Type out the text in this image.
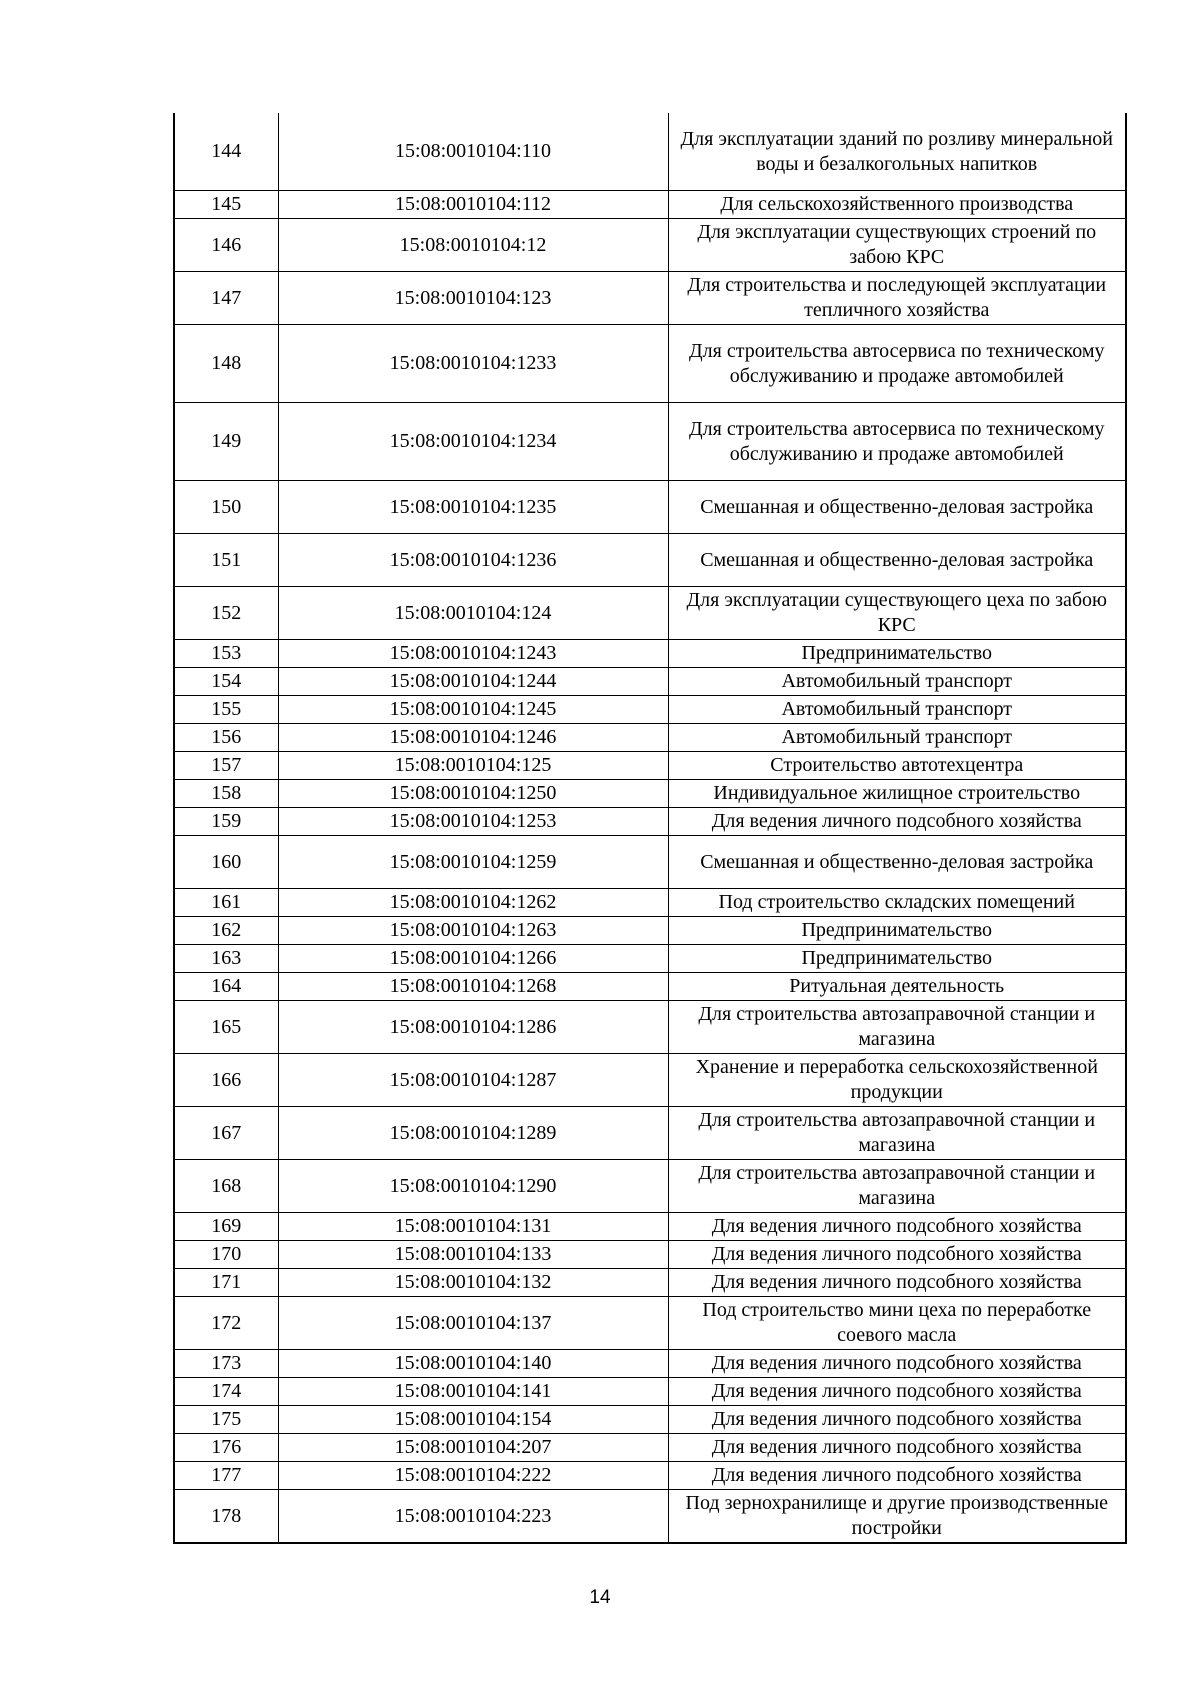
144	15:08:0010104:110	Для эксплуатации зданий по розливу минеральной воды и безалкогольных напитков
145	15:08:0010104:112	Для сельскохозяйственного производства
146	15:08:0010104:12	Для эксплуатации существующих строений по забою КРС
147	15:08:0010104:123	Для строительства и последующей эксплуатации тепличного хозяйства
148	15:08:0010104:1233	Для строительства автосервиса по техническому обслуживанию и продаже автомобилей
149	15:08:0010104:1234	Для строительства автосервиса по техническому обслуживанию и продаже автомобилей
150	15:08:0010104:1235	Смешанная и общественно-деловая застройка
151	15:08:0010104:1236	Смешанная и общественно-деловая застройка
152	15:08:0010104:124	Для эксплуатации существующего цеха по забою КРС
153	15:08:0010104:1243	Предпринимательство
154	15:08:0010104:1244	Автомобильный транспорт
155	15:08:0010104:1245	Автомобильный транспорт
156	15:08:0010104:1246	Автомобильный транспорт
157	15:08:0010104:125	Строительство автотехцентра
158	15:08:0010104:1250	Индивидуальное жилищное строительство
159	15:08:0010104:1253	Для ведения личного подсобного хозяйства
160	15:08:0010104:1259	Смешанная и общественно-деловая застройка
161	15:08:0010104:1262	Под строительство складских помещений
162	15:08:0010104:1263	Предпринимательство
163	15:08:0010104:1266	Предпринимательство
164	15:08:0010104:1268	Ритуальная деятельность
165	15:08:0010104:1286	Для строительства автозаправочной станции и магазина
166	15:08:0010104:1287	Хранение и переработка сельскохозяйственной продукции
167	15:08:0010104:1289	Для строительства автозаправочной станции и магазина
168	15:08:0010104:1290	Для строительства автозаправочной станции и магазина
169	15:08:0010104:131	Для ведения личного подсобного хозяйства
170	15:08:0010104:133	Для ведения личного подсобного хозяйства
171	15:08:0010104:132	Для ведения личного подсобного хозяйства
172	15:08:0010104:137	Под строительство мини цеха по переработке соевого масла
173	15:08:0010104:140	Для ведения личного подсобного хозяйства
174	15:08:0010104:141	Для ведения личного подсобного хозяйства
175	15:08:0010104:154	Для ведения личного подсобного хозяйства
176	15:08:0010104:207	Для ведения личного подсобного хозяйства
177	15:08:0010104:222	Для ведения личного подсобного хозяйства
178	15:08:0010104:223	Под зернохранилище и другие производственные постройки
14
